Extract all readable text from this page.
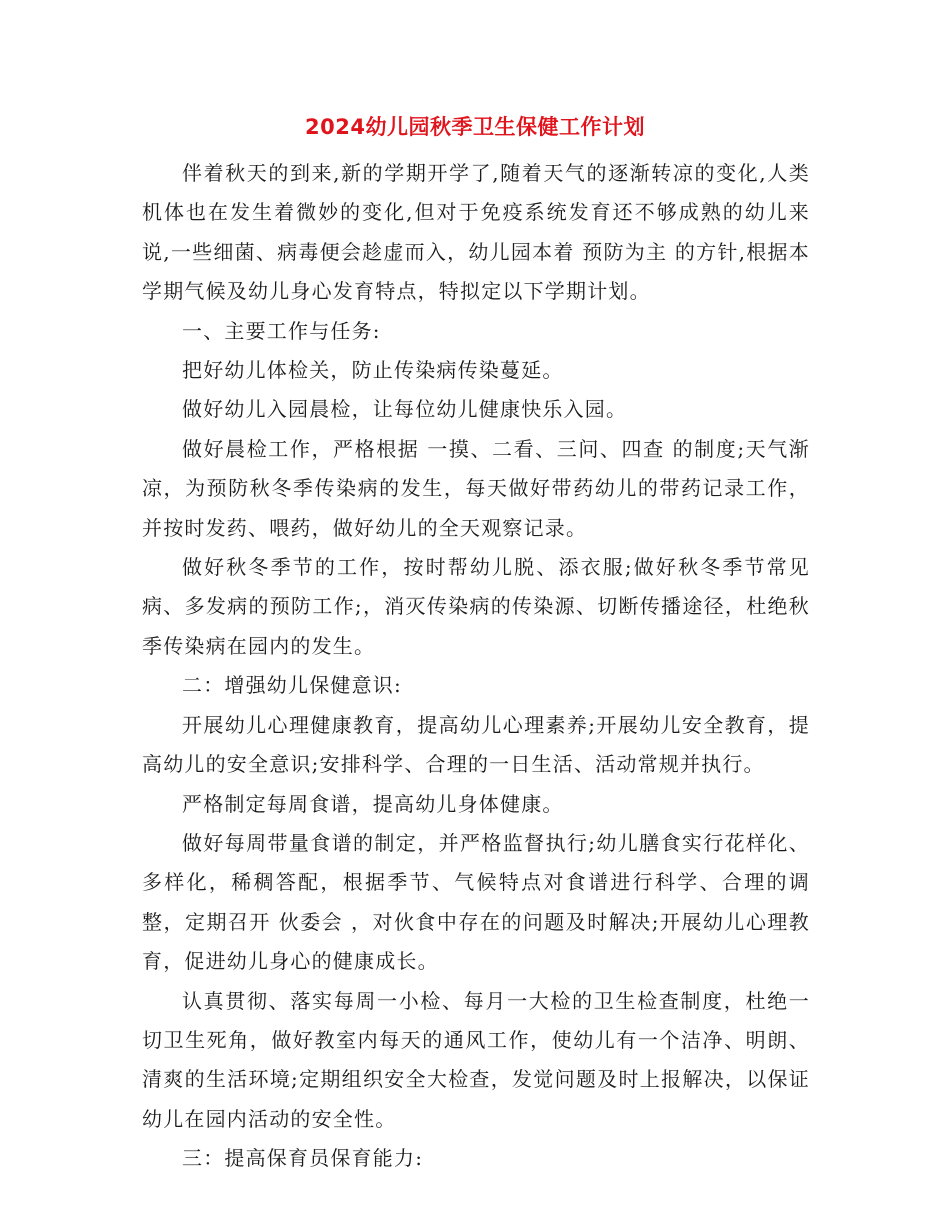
2024幼儿园秋季卫生保健工作计划

伴着秋天的到来,新的学期开学了,随着天气的逐渐转凉的变化,人类机体也在发生着微妙的变化,但对于免疫系统发育还不够成熟的幼儿来说,一些细菌、病毒便会趁虚而入，幼儿园本着 预防为主 的方针,根据本学期气候及幼儿身心发育特点，特拟定以下学期计划。

一、主要工作与任务:

把好幼儿体检关，防止传染病传染蔓延。

做好幼儿入园晨检，让每位幼儿健康快乐入园。

做好晨检工作，严格根据 一摸、二看、三问、四查 的制度;天气渐凉，为预防秋冬季传染病的发生，每天做好带药幼儿的带药记录工作，并按时发药、喂药，做好幼儿的全天观察记录。

做好秋冬季节的工作，按时帮幼儿脱、添衣服;做好秋冬季节常见病、多发病的预防工作;，消灭传染病的传染源、切断传播途径，杜绝秋季传染病在园内的发生。

二：增强幼儿保健意识:

开展幼儿心理健康教育，提高幼儿心理素养;开展幼儿安全教育，提高幼儿的安全意识;安排科学、合理的一日生活、活动常规并执行。

严格制定每周食谱，提高幼儿身体健康。

做好每周带量食谱的制定，并严格监督执行;幼儿膳食实行花样化、多样化，稀稠答配，根据季节、气候特点对食谱进行科学、合理的调整，定期召开 伙委会 ，对伙食中存在的问题及时解决;开展幼儿心理教育，促进幼儿身心的健康成长。

认真贯彻、落实每周一小检、每月一大检的卫生检查制度，杜绝一切卫生死角，做好教室内每天的通风工作，使幼儿有一个洁净、明朗、清爽的生活环境;定期组织安全大检查，发觉问题及时上报解决，以保证幼儿在园内活动的安全性。

三：提高保育员保育能力:
